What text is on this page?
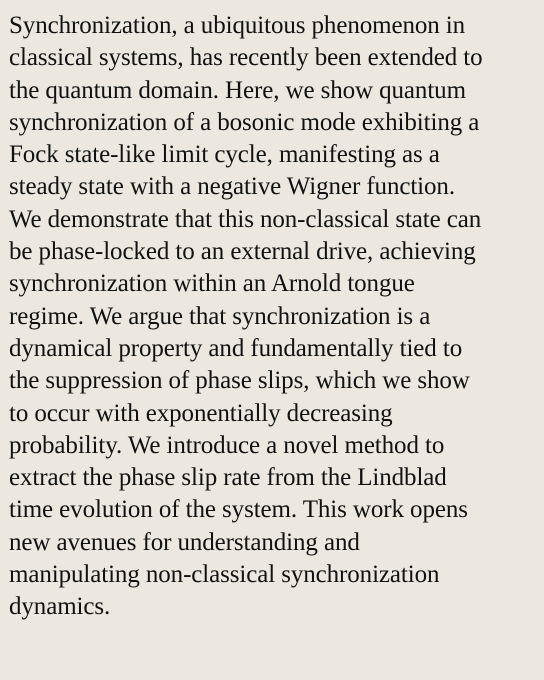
Synchronization, a ubiquitous phenomenon in
classical systems, has recently been extended to
the quantum domain. Here, we show quantum
synchronization of a bosonic mode exhibiting a
Fock state-like limit cycle, manifesting as a
steady state with a negative Wigner function.
We demonstrate that this non-classical state can
be phase-locked to an external drive, achieving
synchronization within an Arnold tongue
regime. We argue that synchronization is a
dynamical property and fundamentally tied to
the suppression of phase slips, which we show
to occur with exponentially decreasing
probability. We introduce a novel method to
extract the phase slip rate from the Lindblad
time evolution of the system. This work opens
new avenues for understanding and
manipulating non-classical synchronization
dynamics.
